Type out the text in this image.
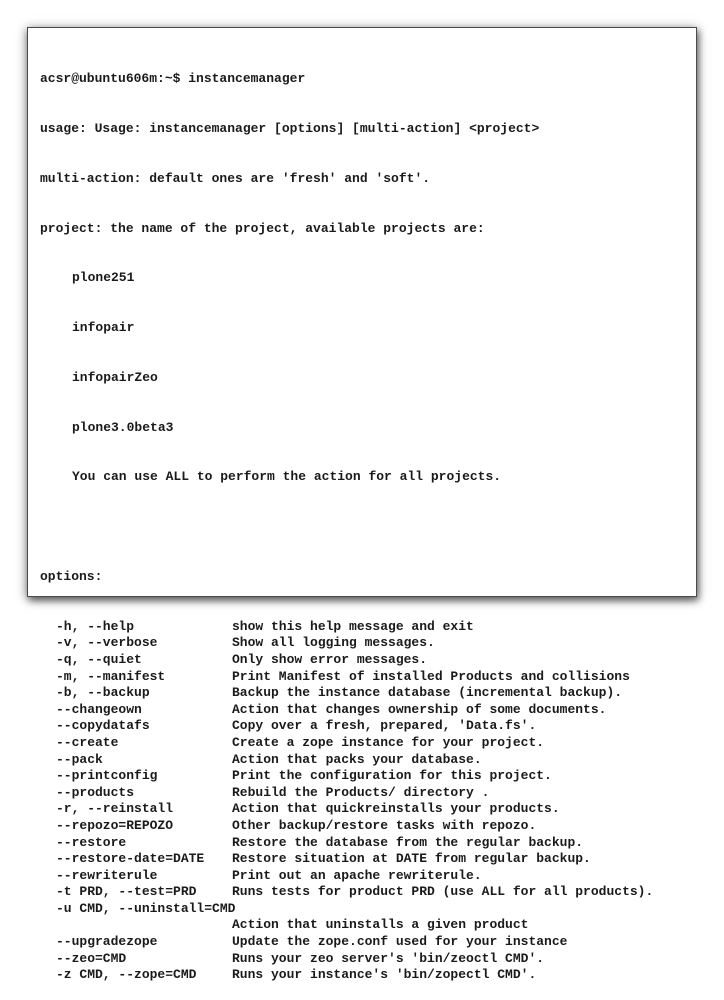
acsr@ubuntu606m:~$ instancemanager

usage: Usage: instancemanager [options] [multi-action] <project>

multi-action: default ones are 'fresh' and 'soft'.

project: the name of the project, available projects are:

plone251

infopair

infopairZeo

plone3.0beta3

You can use ALL to perform the action for all projects.

options:

-h, --help	show this help message and exit
-v, --verbose	Show all logging messages.
-q, --quiet	Only show error messages.
-m, --manifest	Print Manifest of installed Products and collisions
-b, --backup	Backup the instance database (incremental backup).
--changeown	Action that changes ownership of some documents.
--copydatafs	Copy over a fresh, prepared, 'Data.fs'.
--create	Create a zope instance for your project.
--pack	Action that packs your database.
--printconfig	Print the configuration for this project.
--products	Rebuild the Products/ directory .
-r, --reinstall	Action that quickreinstalls your products.
--repozo=REPOZO	Other backup/restore tasks with repozo.
--restore	Restore the database from the regular backup.
--restore-date=DATE Restore situation at DATE from regular backup.
--rewriterule	Print out an apache rewriterule.
-t PRD, --test=PRD	Runs tests for product PRD (use ALL for all products).
-u CMD, --uninstall=CMD
Action that uninstalls a given product
--upgradezope	Update the zope.conf used for your instance
--zeo=CMD	Runs your zeo server's 'bin/zeoctl CMD'.
-z CMD, --zope=CMD	Runs your instance's 'bin/zopectl CMD'.
